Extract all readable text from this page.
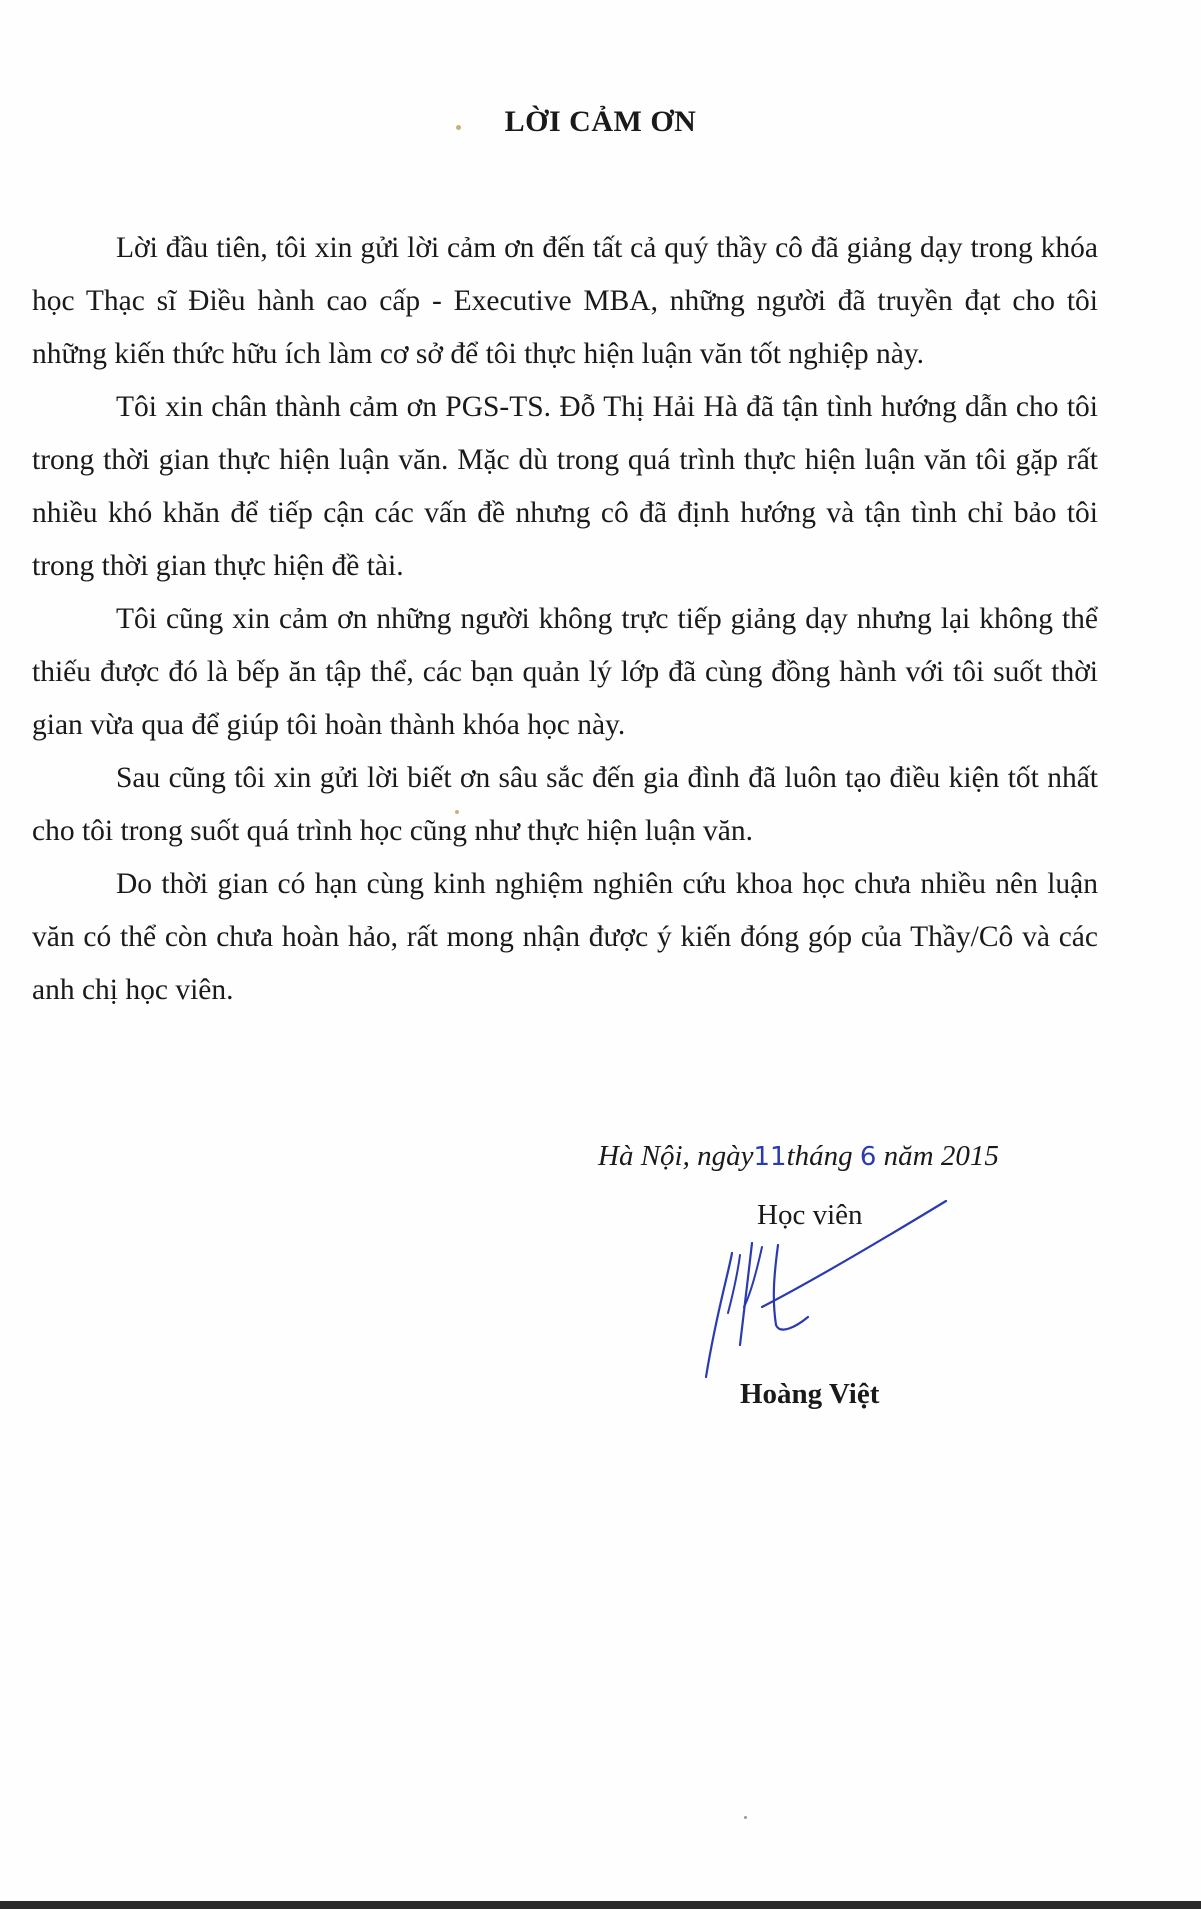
LỜI CẢM ƠN

Lời đầu tiên, tôi xin gửi lời cảm ơn đến tất cả quý thầy cô đã giảng dạy trong khóa học Thạc sĩ Điều hành cao cấp - Executive MBA, những người đã truyền đạt cho tôi những kiến thức hữu ích làm cơ sở để tôi thực hiện luận văn tốt nghiệp này.

Tôi xin chân thành cảm ơn PGS-TS. Đỗ Thị Hải Hà đã tận tình hướng dẫn cho tôi trong thời gian thực hiện luận văn. Mặc dù trong quá trình thực hiện luận văn tôi gặp rất nhiều khó khăn để tiếp cận các vấn đề nhưng cô đã định hướng và tận tình chỉ bảo tôi trong thời gian thực hiện đề tài.

Tôi cũng xin cảm ơn những người không trực tiếp giảng dạy nhưng lại không thể thiếu được đó là bếp ăn tập thể, các bạn quản lý lớp đã cùng đồng hành với tôi suốt thời gian vừa qua để giúp tôi hoàn thành khóa học này.

Sau cũng tôi xin gửi lời biết ơn sâu sắc đến gia đình đã luôn tạo điều kiện tốt nhất cho tôi trong suốt quá trình học cũng như thực hiện luận văn.

Do thời gian có hạn cùng kinh nghiệm nghiên cứu khoa học chưa nhiều nên luận văn có thể còn chưa hoàn hảo, rất mong nhận được ý kiến đóng góp của Thầy/Cô và các anh chị học viên.

Hà Nội, ngày11tháng 6 năm 2015
Học viên
Hoàng Việt
